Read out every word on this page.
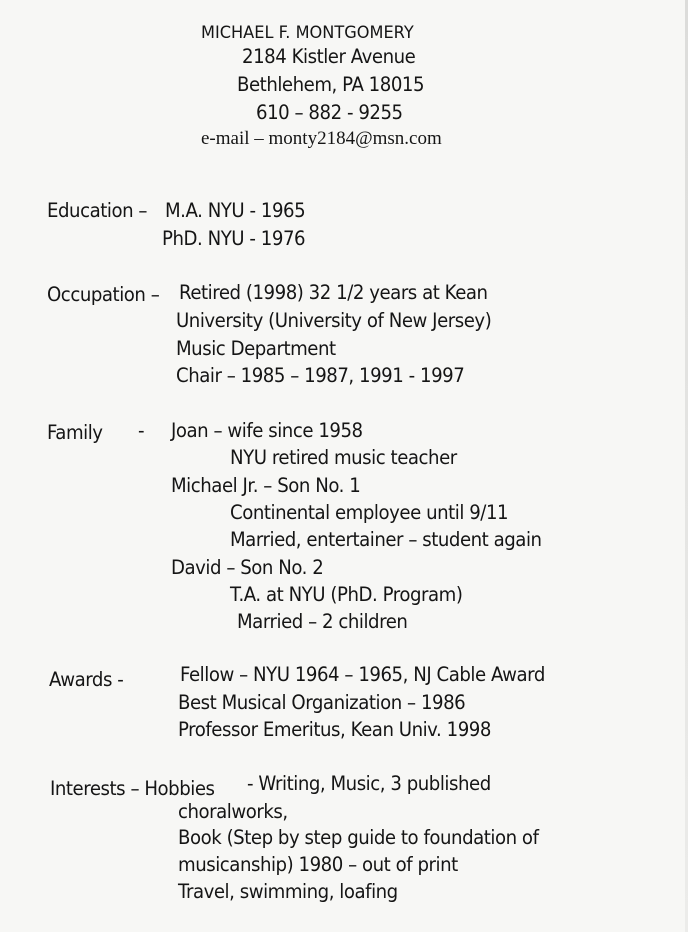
MICHAEL F. MONTGOMERY
2184 Kistler Avenue
Bethlehem, PA 18015
610 – 882 - 9255
e-mail – monty2184@msn.com
Education – M.A. NYU - 1965
PhD. NYU - 1976
Occupation – Retired (1998) 32 1/2 years at Kean
University (University of New Jersey)
Music Department
Chair – 1985 – 1987, 1991 - 1997
Family - Joan – wife since 1958
NYU retired music teacher
Michael Jr. – Son No. 1
Continental employee until 9/11
Married, entertainer – student again
David – Son No. 2
T.A. at NYU (PhD. Program)
Married – 2 children
Awards -	Fellow – NYU 1964 – 1965, NJ Cable Award
Best Musical Organization – 1986
Professor Emeritus, Kean Univ. 1998
Interests – Hobbies - Writing, Music, 3 published
choralworks,
Book (Step by step guide to foundation of
musicanship) 1980 – out of print
Travel, swimming, loafing
